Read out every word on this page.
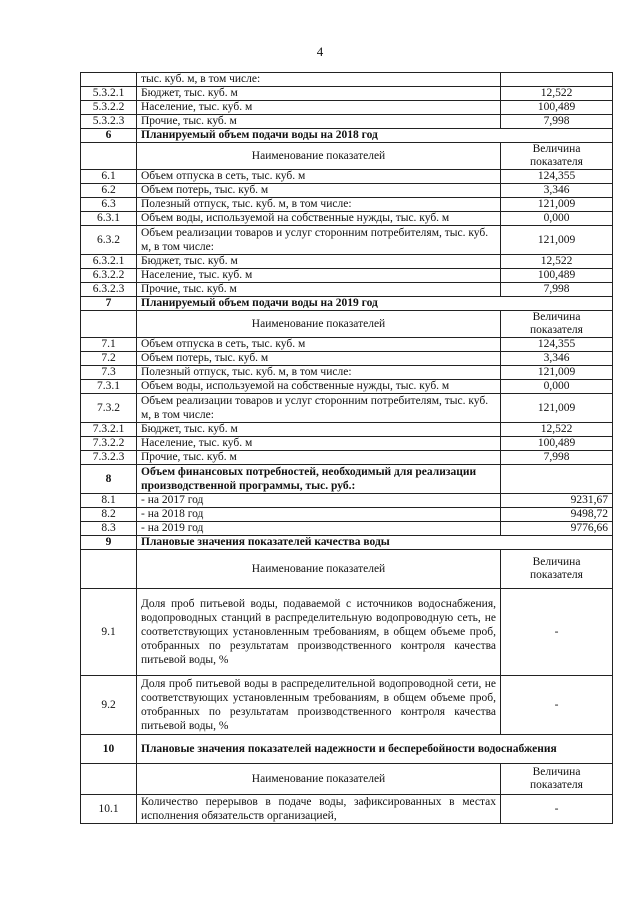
4
	тыс. куб. м, в том числе:	
5.3.2.1	Бюджет, тыс. куб. м	12,522
5.3.2.2	Население, тыс. куб. м	100,489
5.3.2.3	Прочие, тыс. куб. м	7,998
6	Планируемый объем подачи воды на 2018 год	
	Наименование показателей	Величина показателя
6.1	Объем отпуска в сеть, тыс. куб. м	124,355
6.2	Объем потерь, тыс. куб. м	3,346
6.3	Полезный отпуск, тыс. куб. м, в том числе:	121,009
6.3.1	Объем воды, используемой на собственные нужды, тыс. куб. м	0,000
6.3.2	Объем реализации товаров и услуг сторонним потребителям, тыс. куб. м, в том числе:	121,009
6.3.2.1	Бюджет, тыс. куб. м	12,522
6.3.2.2	Население, тыс. куб. м	100,489
6.3.2.3	Прочие, тыс. куб. м	7,998
7	Планируемый объем подачи воды на 2019 год	
	Наименование показателей	Величина показателя
7.1	Объем отпуска в сеть, тыс. куб. м	124,355
7.2	Объем потерь, тыс. куб. м	3,346
7.3	Полезный отпуск, тыс. куб. м, в том числе:	121,009
7.3.1	Объем воды, используемой на собственные нужды, тыс. куб. м	0,000
7.3.2	Объем реализации товаров и услуг сторонним потребителям, тыс. куб. м, в том числе:	121,009
7.3.2.1	Бюджет, тыс. куб. м	12,522
7.3.2.2	Население, тыс. куб. м	100,489
7.3.2.3	Прочие, тыс. куб. м	7,998
8	Объем финансовых потребностей, необходимый для реализации производственной программы, тыс. руб.:	
8.1	- на 2017 год	9231,67
8.2	- на 2018 год	9498,72
8.3	- на 2019 год	9776,66
9	Плановые значения показателей качества воды	
	Наименование показателей	Величина показателя
9.1	Доля проб питьевой воды, подаваемой с источников водоснабжения, водопроводных станций в распределительную водопроводную сеть, не соответствующих установленным требованиям, в общем объеме проб, отобранных по результатам производственного контроля качества питьевой воды, %	-
9.2	Доля проб питьевой воды в распределительной водопроводной сети, не соответствующих установленным требованиям, в общем объеме проб, отобранных по результатам производственного контроля качества питьевой воды, %	-
10	Плановые значения показателей надежности и бесперебойности водоснабжения	
	Наименование показателей	Величина показателя
10.1	Количество перерывов в подаче воды, зафиксированных в местах исполнения обязательств организацией,	-
